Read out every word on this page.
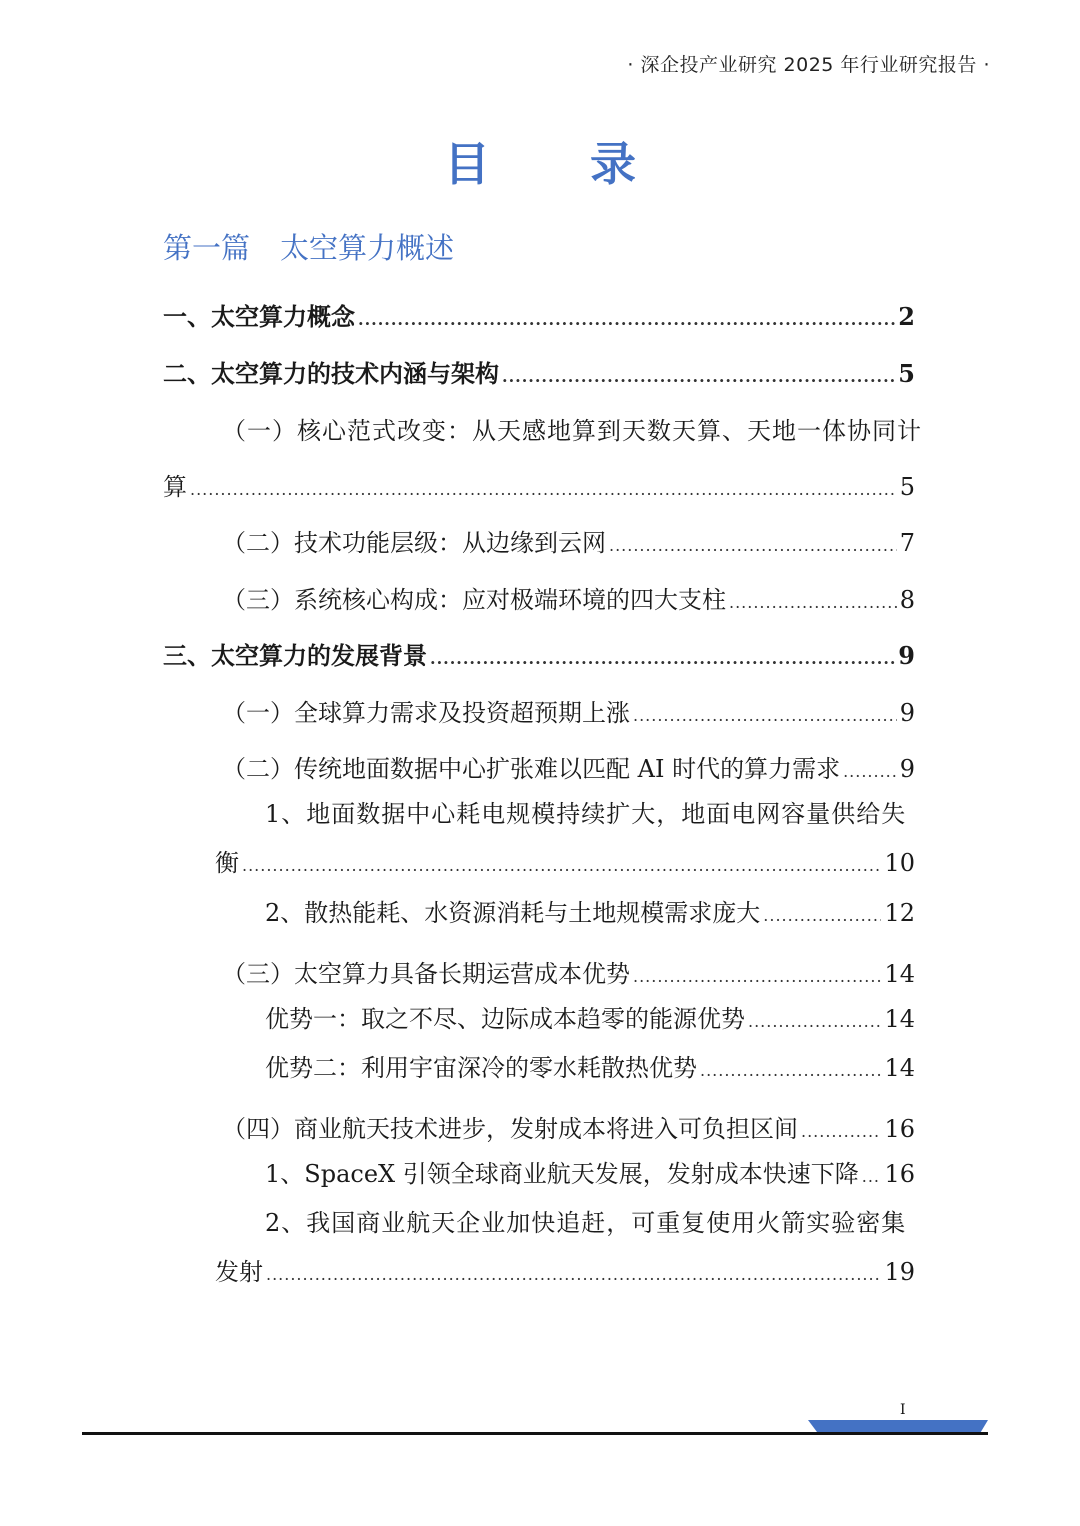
· 深企投产业研究 2025 年行业研究报告 ·
目 录
第一篇 太空算力概述
一、太空算力概念 .....	2
二、太空算力的技术内涵与架构 .....	5
（一）核心范式改变：从天感地算到天数天算、天地一体协同计
算 .....	5
（二）技术功能层级：从边缘到云网 .....	7
（三）系统核心构成：应对极端环境的四大支柱 .....	8
三、太空算力的发展背景 .....	9
（一）全球算力需求及投资超预期上涨 .....	9
（二）传统地面数据中心扩张难以匹配 AI 时代的算力需求 ..... 9
1、地面数据中心耗电规模持续扩大，地面电网容量供给失
衡 .....	10
2、散热能耗、水资源消耗与土地规模需求庞大 .....	12
（三）太空算力具备长期运营成本优势 .....	14
优势一：取之不尽、边际成本趋零的能源优势 .....	14
优势二：利用宇宙深冷的零水耗散热优势 .....	14
（四）商业航天技术进步，发射成本将进入可负担区间 .....	16
1、SpaceX 引领全球商业航天发展，发射成本快速下降 ..... 16
2、我国商业航天企业加快追赶，可重复使用火箭实验密集
发射 .....	19
I
